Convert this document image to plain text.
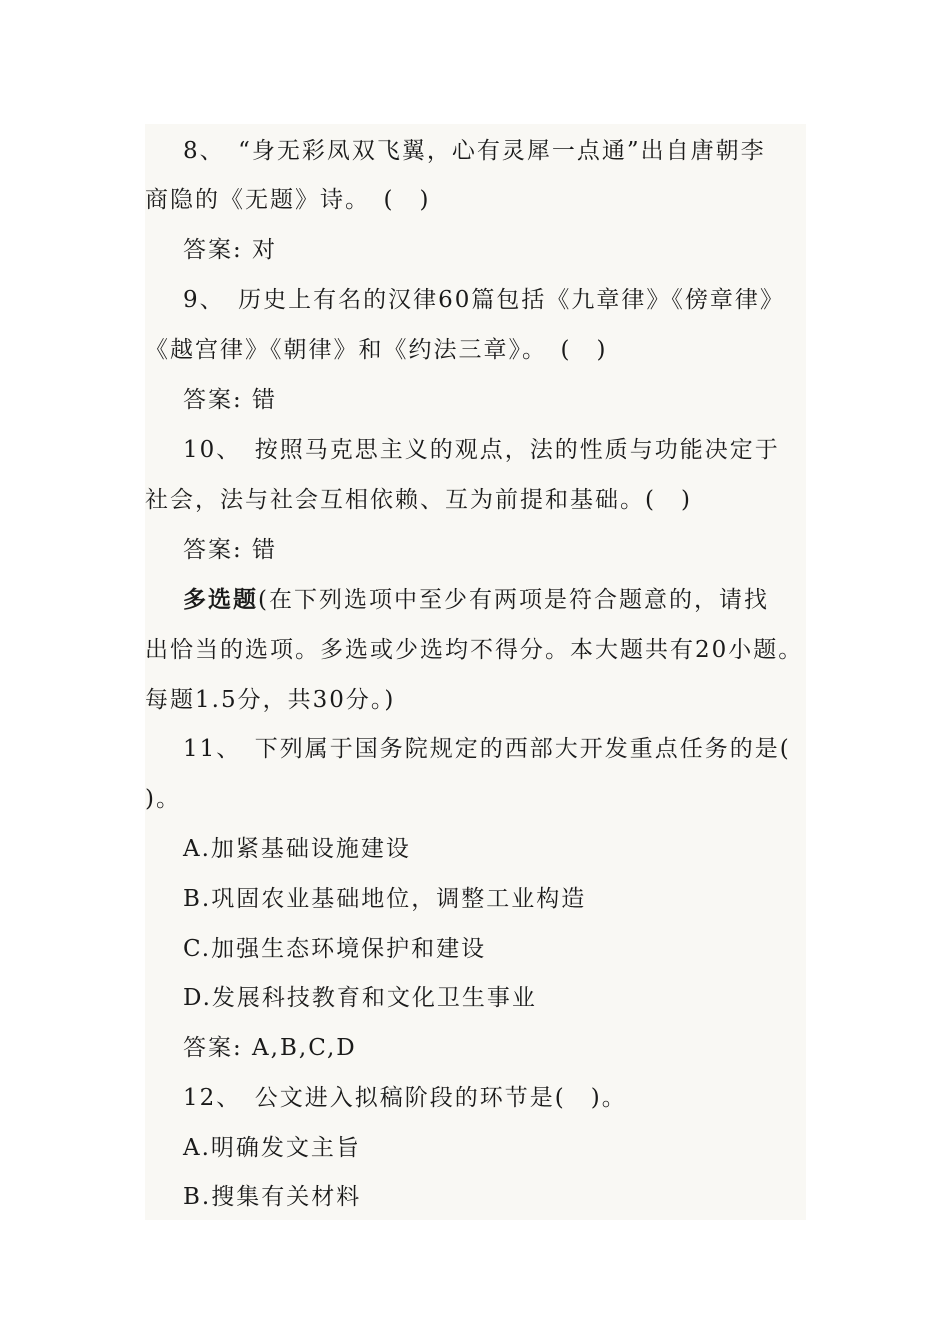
8、　“身无彩凤双飞翼，心有灵犀一点通”出自唐朝李
商隐的《无题》诗。　(　)
答案: 对
9、　历史上有名的汉律60篇包括《九章律》《傍章律》
《越宫律》《朝律》和《约法三章》。　(　)
答案: 错
10、　按照马克思主义的观点，法的性质与功能决定于
社会，法与社会互相依赖、互为前提和基础。(　)
答案: 错
多选题(在下列选项中至少有两项是符合题意的，请找
出恰当的选项。多选或少选均不得分。本大题共有20小题。
每题1.5分，共30分。)
11、　下列属于国务院规定的西部大开发重点任务的是(
)。
A.加紧基础设施建设
B.巩固农业基础地位，调整工业构造
C.加强生态环境保护和建设
D.发展科技教育和文化卫生事业
答案: A,B,C,D
12、　公文进入拟稿阶段的环节是(　)。
A.明确发文主旨
B.搜集有关材料
